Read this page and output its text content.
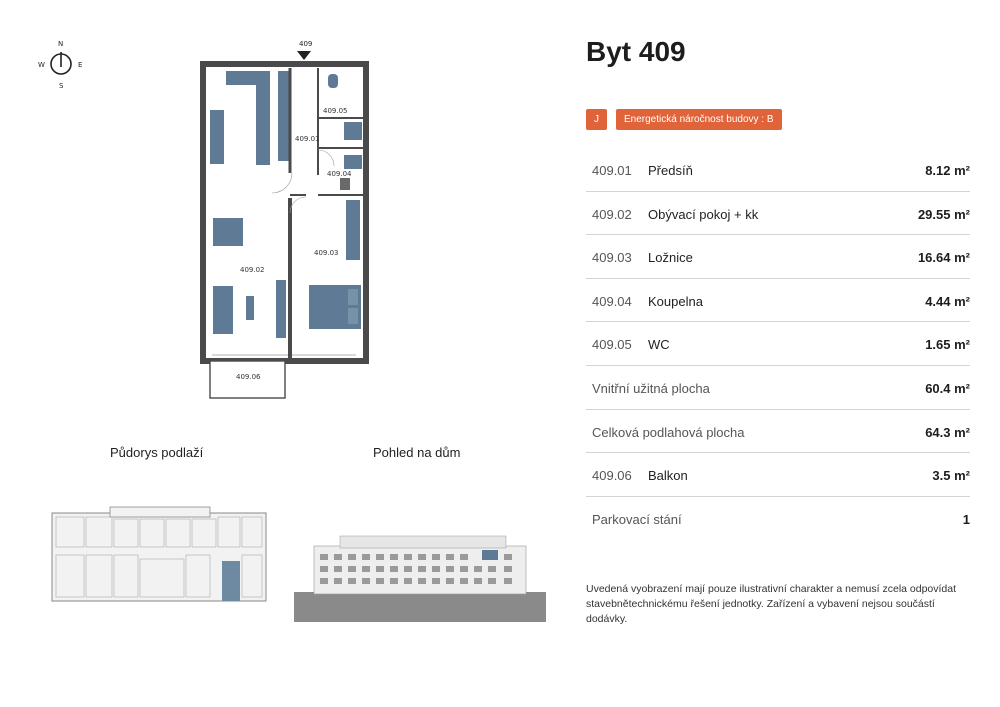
N
S
E
W
409
409.01
409.02
409.03
409.04
409.05
409.06
Půdorys podlaží	Pohled na dům
Byt 409
J	Energetická náročnost budovy : B
409.01 Předsíň	8.12 m²
409.02 Obývací pokoj + kk	29.55 m²
409.03 Ložnice	16.64 m²
409.04 Koupelna	4.44 m²
409.05 WC	1.65 m²
Vnitřní užitná plocha	60.4 m²
Celková podlahová plocha	64.3 m²
409.06 Balkon	3.5 m²
Parkovací stání	1
Uvedená vyobrazení mají pouze ilustrativní charakter a nemusí zcela odpovídat stavebnětechnickému řešení jednotky. Zařízení a vybavení nejsou součástí dodávky.
